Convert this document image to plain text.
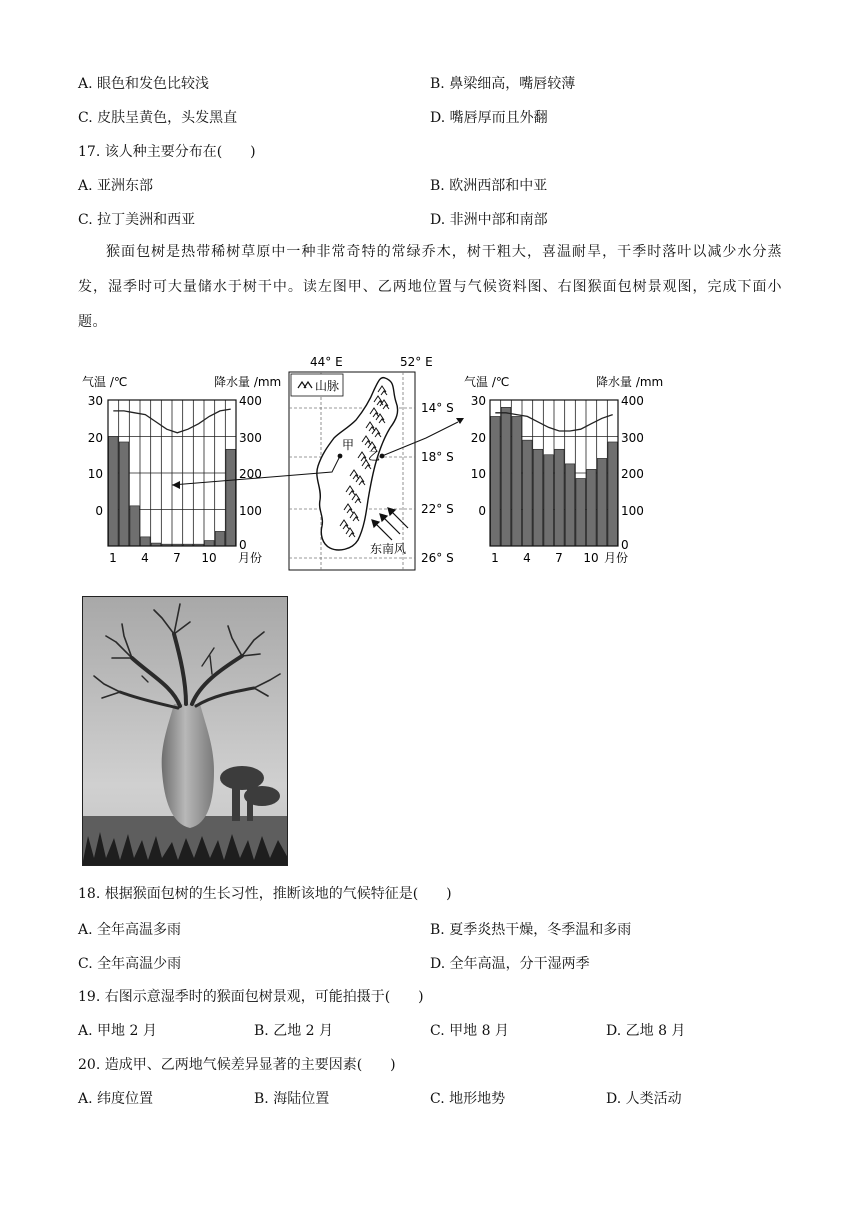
A. 眼色和发色比较浅	B. 鼻梁细高，嘴唇较薄
C. 皮肤呈黄色，头发黑直	D. 嘴唇厚而且外翻
17. 该人种主要分布在(　　)
A. 亚洲东部	B. 欧洲西部和中亚
C. 拉丁美洲和西亚	D. 非洲中部和南部
猴面包树是热带稀树草原中一种非常奇特的常绿乔木，树干粗大，喜温耐旱，干季时落叶以减少水分蒸发，湿季时可大量储水于树干中。读左图甲、乙两地位置与气候资料图、右图猴面包树景观图，完成下面小题。
气温 /℃	降水量 /mm
30
20
10
0
400
300
200
100
0
1 4 7 10 月份
44° E	52° E
山脉
甲
乙
东南风
14° S
18° S
22° S
26° S
气温 /℃	降水量 /mm
30
20
10
0
400
300
200
100
0
1 4 7 10 月份
18. 根据猴面包树的生长习性，推断该地的气候特征是(　　)
A. 全年高温多雨	B. 夏季炎热干燥，冬季温和多雨
C. 全年高温少雨	D. 全年高温，分干湿两季
19. 右图示意湿季时的猴面包树景观，可能拍摄于(　　)
A. 甲地 2 月	B. 乙地 2 月	C. 甲地 8 月	D. 乙地 8 月
20. 造成甲、乙两地气候差异显著的主要因素(　　)
A. 纬度位置	B. 海陆位置	C. 地形地势	D. 人类活动
